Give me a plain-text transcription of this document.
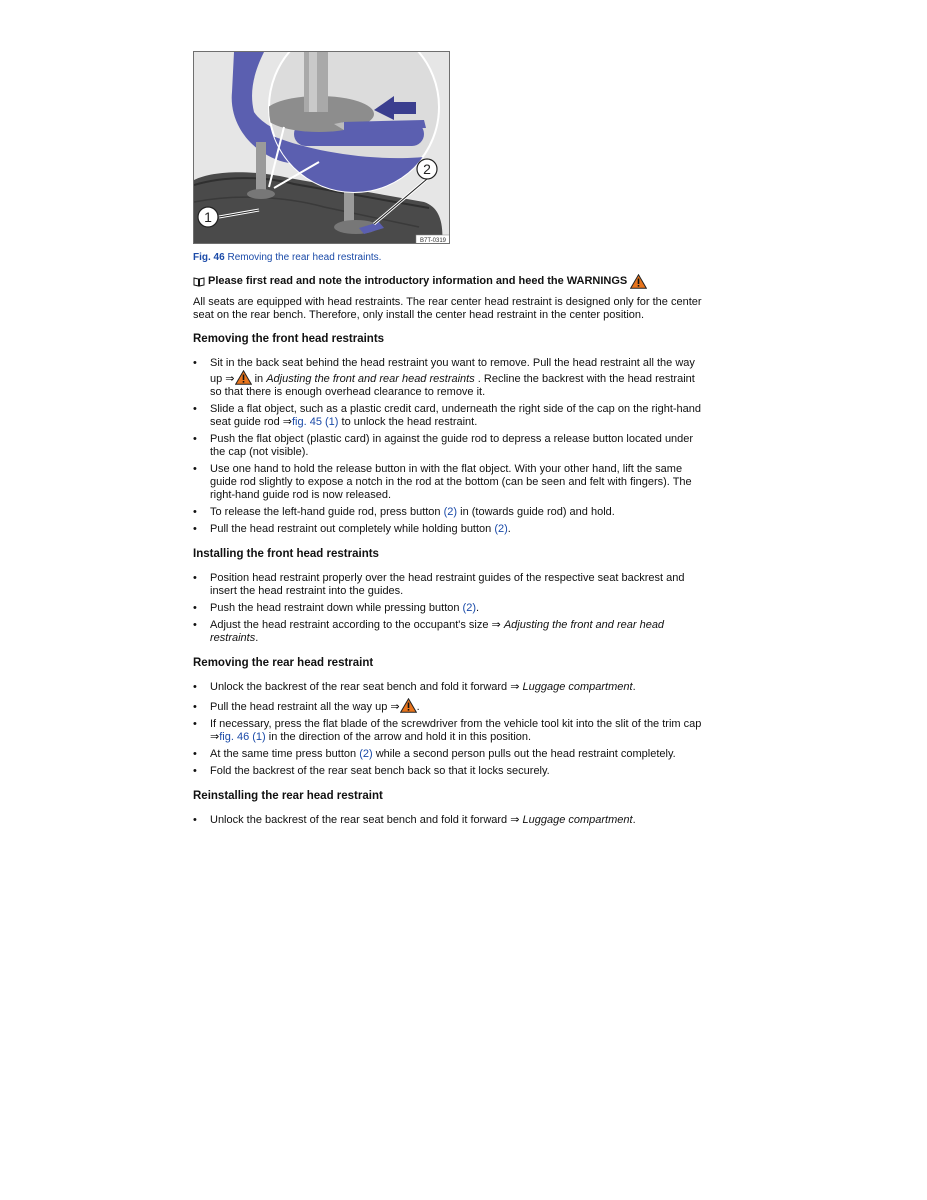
1
2
B7T-0319
Fig. 46 Removing the rear head restraints.
Please first read and note the introductory information and heed the WARNINGS

All seats are equipped with head restraints. The rear center head restraint is designed only for the center seat on the rear bench. Therefore, only install the center head restraint in the center position.

Removing the front head restraints
• Sit in the back seat behind the head restraint you want to remove. Pull the head restraint all the way up ⇒ in Adjusting the front and rear head restraints . Recline the backrest with the head restraint so that there is enough overhead clearance to remove it.
• Slide a flat object, such as a plastic credit card, underneath the right side of the cap on the right-hand seat guide rod ⇒fig. 45 (1) to unlock the head restraint.
• Push the flat object (plastic card) in against the guide rod to depress a release button located under the cap (not visible).
• Use one hand to hold the release button in with the flat object. With your other hand, lift the same guide rod slightly to expose a notch in the rod at the bottom (can be seen and felt with fingers). The right-hand guide rod is now released.
• To release the left-hand guide rod, press button (2) in (towards guide rod) and hold.
• Pull the head restraint out completely while holding button (2).
Installing the front head restraints
• Position head restraint properly over the head restraint guides of the respective seat backrest and insert the head restraint into the guides.
• Push the head restraint down while pressing button (2).
• Adjust the head restraint according to the occupant's size ⇒ Adjusting the front and rear head restraints.
Removing the rear head restraint
• Unlock the backrest of the rear seat bench and fold it forward ⇒ Luggage compartment.
• Pull the head restraint all the way up ⇒ .
• If necessary, press the flat blade of the screwdriver from the vehicle tool kit into the slit of the trim cap ⇒fig. 46 (1) in the direction of the arrow and hold it in this position.
• At the same time press button (2) while a second person pulls out the head restraint completely.
• Fold the backrest of the rear seat bench back so that it locks securely.
Reinstalling the rear head restraint
• Unlock the backrest of the rear seat bench and fold it forward ⇒ Luggage compartment.
